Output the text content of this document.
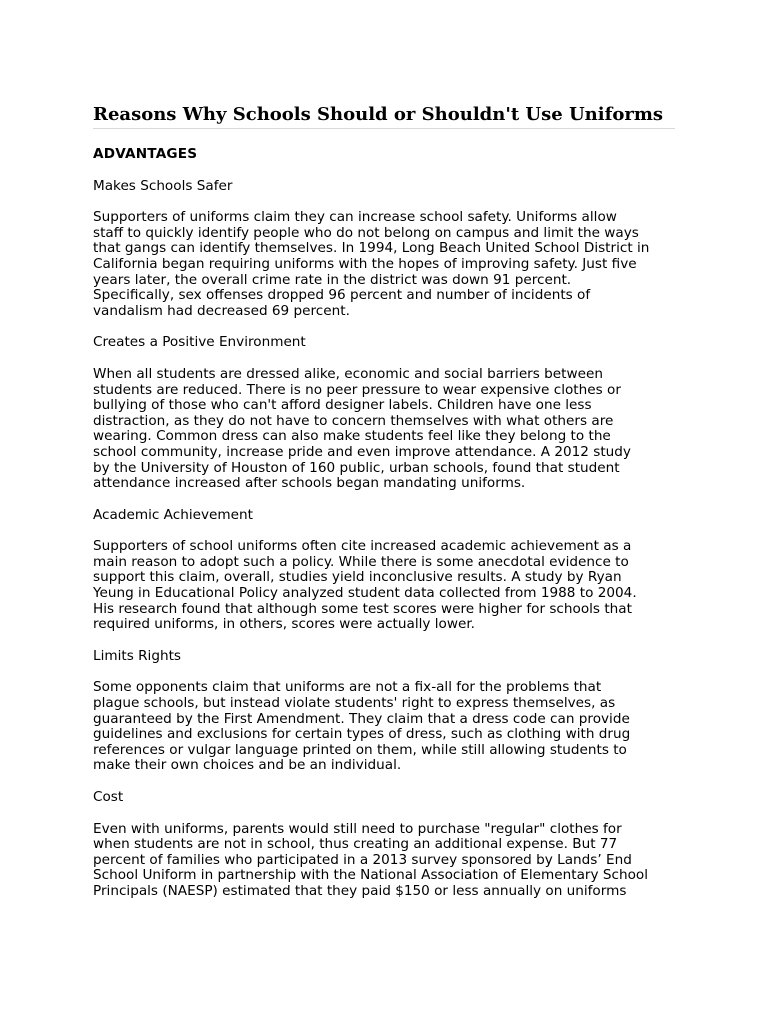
Reasons Why Schools Should or Shouldn't Use Uniforms
ADVANTAGES
Makes Schools Safer
Supporters of uniforms claim they can increase school safety. Uniforms allow
staff to quickly identify people who do not belong on campus and limit the ways
that gangs can identify themselves. In 1994, Long Beach United School District in
California began requiring uniforms with the hopes of improving safety. Just five
years later, the overall crime rate in the district was down 91 percent.
Specifically, sex offenses dropped 96 percent and number of incidents of
vandalism had decreased 69 percent.
Creates a Positive Environment
When all students are dressed alike, economic and social barriers between
students are reduced. There is no peer pressure to wear expensive clothes or
bullying of those who can't afford designer labels. Children have one less
distraction, as they do not have to concern themselves with what others are
wearing. Common dress can also make students feel like they belong to the
school community, increase pride and even improve attendance. A 2012 study
by the University of Houston of 160 public, urban schools, found that student
attendance increased after schools began mandating uniforms.
Academic Achievement
Supporters of school uniforms often cite increased academic achievement as a
main reason to adopt such a policy. While there is some anecdotal evidence to
support this claim, overall, studies yield inconclusive results. A study by Ryan
Yeung in Educational Policy analyzed student data collected from 1988 to 2004.
His research found that although some test scores were higher for schools that
required uniforms, in others, scores were actually lower.
Limits Rights
Some opponents claim that uniforms are not a fix-all for the problems that
plague schools, but instead violate students' right to express themselves, as
guaranteed by the First Amendment. They claim that a dress code can provide
guidelines and exclusions for certain types of dress, such as clothing with drug
references or vulgar language printed on them, while still allowing students to
make their own choices and be an individual.
Cost
Even with uniforms, parents would still need to purchase "regular" clothes for
when students are not in school, thus creating an additional expense. But 77
percent of families who participated in a 2013 survey sponsored by Lands’ End
School Uniform in partnership with the National Association of Elementary School
Principals (NAESP) estimated that they paid $150 or less annually on uniforms
